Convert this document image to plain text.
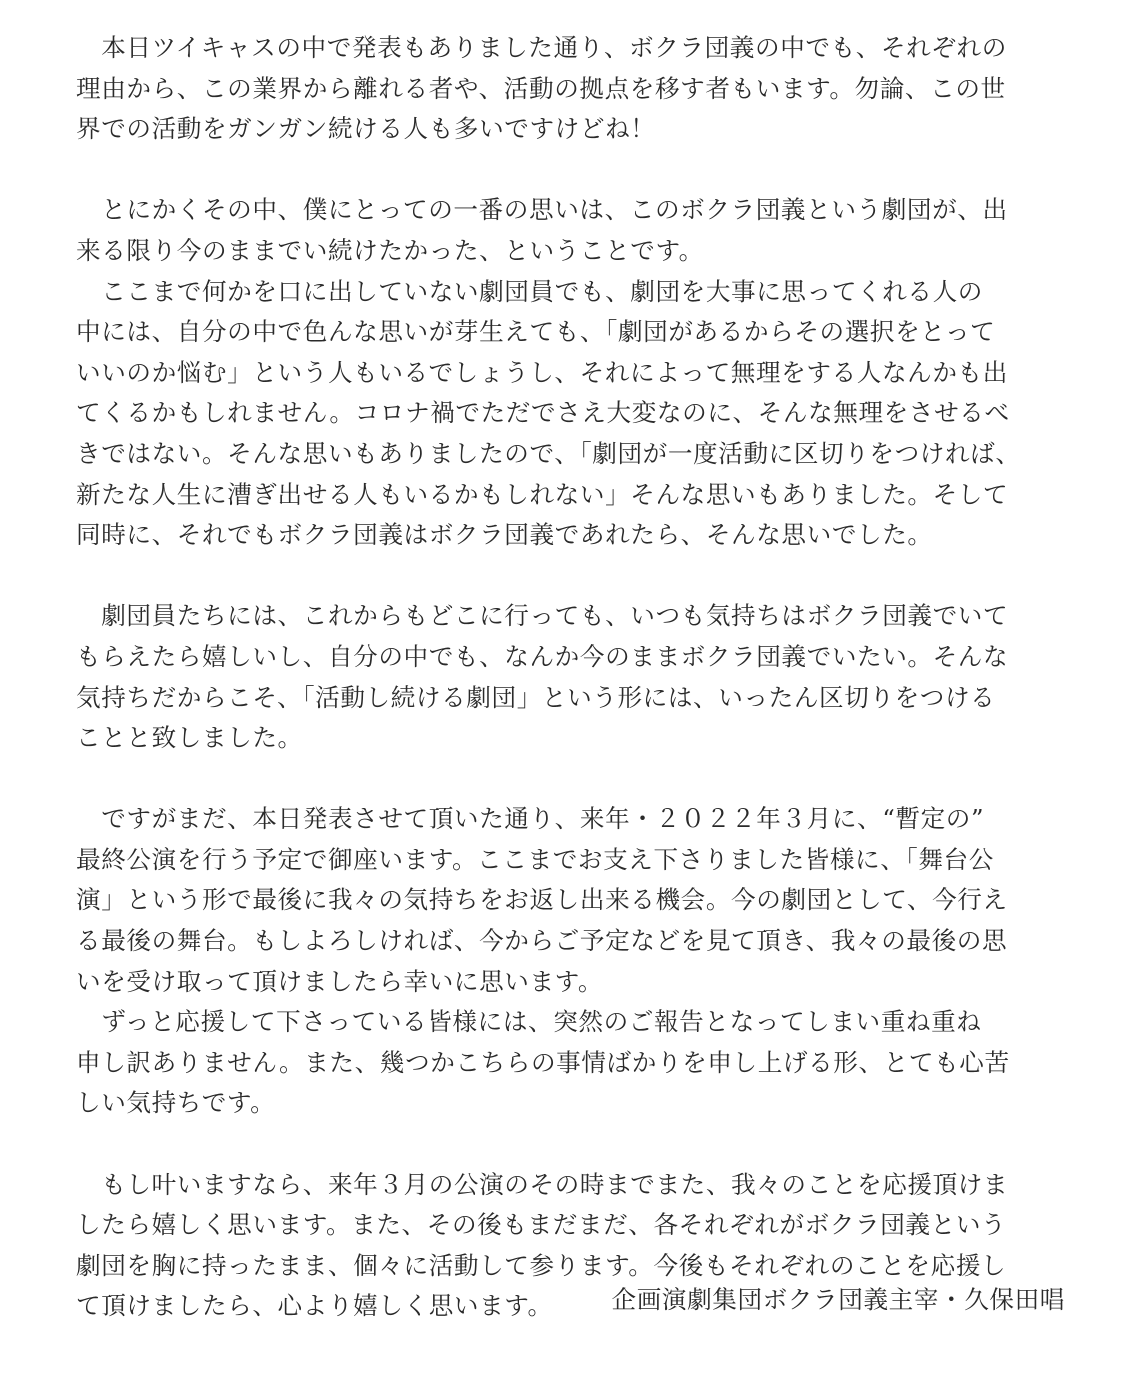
　本日ツイキャスの中で発表もありました通り、ボクラ団義の中でも、それぞれの
理由から、この業界から離れる者や、活動の拠点を移す者もいます。勿論、この世
界での活動をガンガン続ける人も多いですけどね！
　とにかくその中、僕にとっての一番の思いは、このボクラ団義という劇団が、出
来る限り今のままでい続けたかった、ということです。
　ここまで何かを口に出していない劇団員でも、劇団を大事に思ってくれる人の
中には、自分の中で色んな思いが芽生えても、「劇団があるからその選択をとって
いいのか悩む」という人もいるでしょうし、それによって無理をする人なんかも出
てくるかもしれません。コロナ禍でただでさえ大変なのに、そんな無理をさせるべ
きではない。そんな思いもありましたので、「劇団が一度活動に区切りをつければ、
新たな人生に漕ぎ出せる人もいるかもしれない」そんな思いもありました。そして
同時に、それでもボクラ団義はボクラ団義であれたら、そんな思いでした。
　劇団員たちには、これからもどこに行っても、いつも気持ちはボクラ団義でいて
もらえたら嬉しいし、自分の中でも、なんか今のままボクラ団義でいたい。そんな
気持ちだからこそ、「活動し続ける劇団」という形には、いったん区切りをつける
ことと致しました。
　ですがまだ、本日発表させて頂いた通り、来年・２０２２年３月に、“暫定の”
最終公演を行う予定で御座います。ここまでお支え下さりました皆様に、「舞台公
演」という形で最後に我々の気持ちをお返し出来る機会。今の劇団として、今行え
る最後の舞台。もしよろしければ、今からご予定などを見て頂き、我々の最後の思
いを受け取って頂けましたら幸いに思います。
　ずっと応援して下さっている皆様には、突然のご報告となってしまい重ね重ね
申し訳ありません。また、幾つかこちらの事情ばかりを申し上げる形、とても心苦
しい気持ちです。
　もし叶いますなら、来年３月の公演のその時までまた、我々のことを応援頂けま
したら嬉しく思います。また、その後もまだまだ、各それぞれがボクラ団義という
劇団を胸に持ったまま、個々に活動して参ります。今後もそれぞれのことを応援し
て頂けましたら、心より嬉しく思います。	企画演劇集団ボクラ団義主宰・久保田唱
